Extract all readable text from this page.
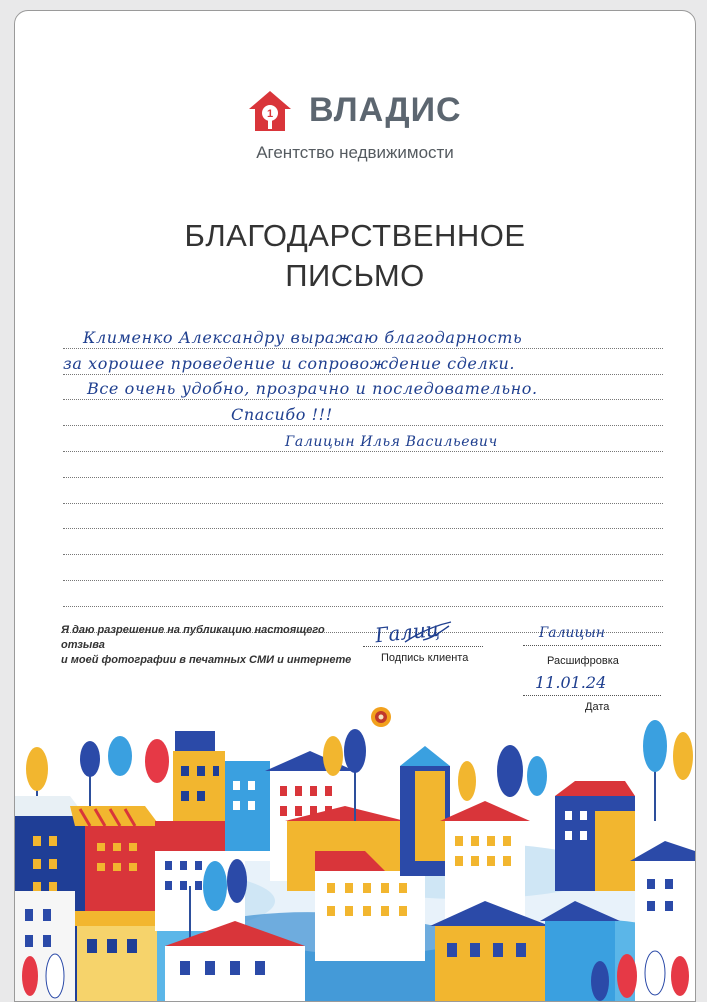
1 ВЛАДИС
Агентство недвижимости
БЛАГОДАРСТВЕННОЕ
ПИСЬМО
Клименко Александру выражаю благодарность
за хорошее проведение и сопровождение сделки.
Все очень удобно, прозрачно и последовательно.
Спасибо !!!
Галицын Илья Васильевич
Я даю разрешение на публикацию настоящего отзыва
и моей фотографии в печатных СМИ и интернете
Галиц
Подпись клиента
Галицын
Расшифровка
11.01.24
Дата
